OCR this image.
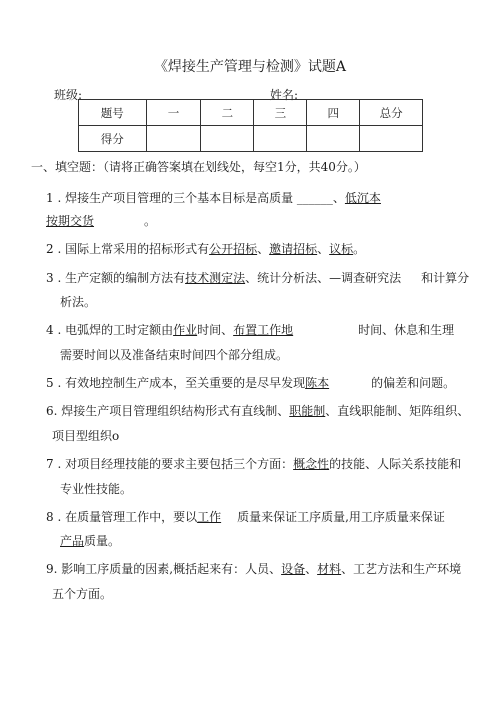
《焊接生产管理与检测》试题A
班级:	姓名:
题号	一	二	三	四	总分
得分					
一、填空题：（请将正确答案填在划线处，每空1分，共40分。）
1 . 焊接生产项目管理的三个基本目标是高质量 ______、低沉本
按期交货	。
2 . 国际上常采用的招标形式有公开招标、邀请招标、议标。
3 . 生产定额的编制方法有技术测定法、统计分析法、—调查研究法 和计算分
析法。
4 . 电弧焊的工时定额由作业时间、布置工作地	时间、休息和生理
需要时间以及准备结束时间四个部分组成。
5 . 有效地控制生产成本，至关重要的是尽早发现陈本	的偏差和问题。
6. 焊接生产项目管理组织结构形式有直线制、职能制、直线职能制、矩阵组织、
项目型组织o
7 . 对项目经理技能的要求主要包括三个方面：概念性的技能、人际关系技能和
专业性技能。
8 . 在质量管理工作中，要以工作 质量来保证工序质量,用工序质量来保证
产品质量。
9. 影响工序质量的因素,概括起来有：人员、设备、材料、工艺方法和生产环境
五个方面。
